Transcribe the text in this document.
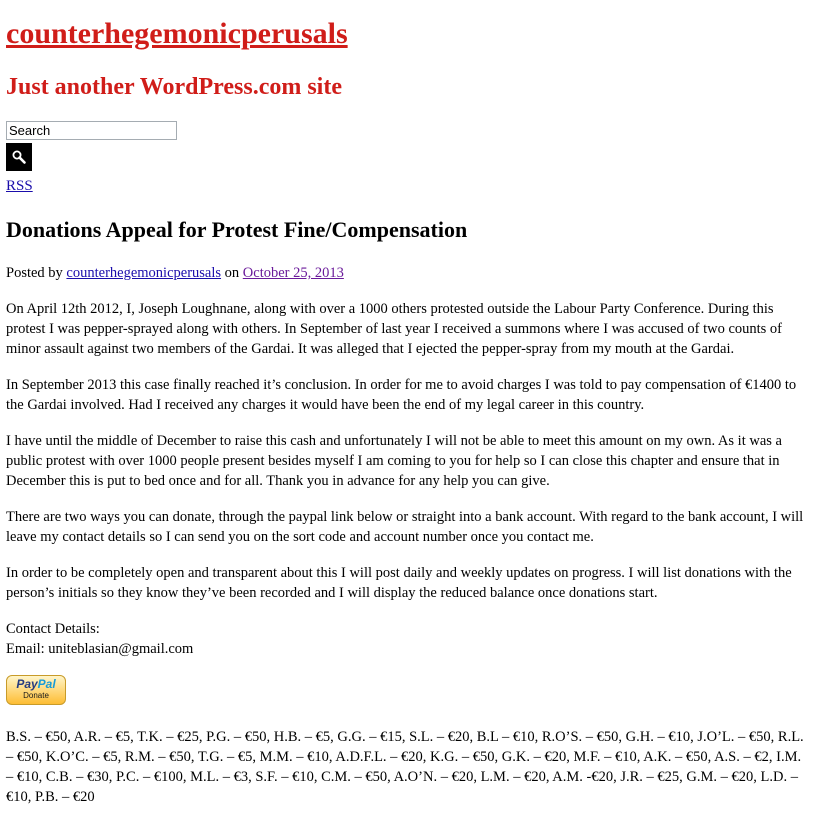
counterhegemonicperusals
Just another WordPress.com site
Search
RSS
Donations Appeal for Protest Fine/Compensation
Posted by counterhegemonicperusals on October 25, 2013

On April 12th 2012, I, Joseph Loughnane, along with over a 1000 others protested outside the Labour Party Conference. During this protest I was pepper-sprayed along with others. In September of last year I received a summons where I was accused of two counts of minor assault against two members of the Gardai. It was alleged that I ejected the pepper-spray from my mouth at the Gardai.

In September 2013 this case finally reached it’s conclusion. In order for me to avoid charges I was told to pay compensation of €1400 to the Gardai involved. Had I received any charges it would have been the end of my legal career in this country.

I have until the middle of December to raise this cash and unfortunately I will not be able to meet this amount on my own. As it was a public protest with over 1000 people present besides myself I am coming to you for help so I can close this chapter and ensure that in December this is put to bed once and for all. Thank you in advance for any help you can give.

There are two ways you can donate, through the paypal link below or straight into a bank account. With regard to the bank account, I will leave my contact details so I can send you on the sort code and account number once you contact me.

In order to be completely open and transparent about this I will post daily and weekly updates on progress. I will list donations with the person’s initials so they know they’ve been recorded and I will display the reduced balance once donations start.

Contact Details:
Email: uniteblasian@gmail.com

PayPal
Donate

B.S. – €50, A.R. – €5, T.K. – €25, P.G. – €50, H.B. – €5, G.G. – €15, S.L. – €20, B.L – €10, R.O’S. – €50, G.H. – €10, J.O’L. – €50, R.L. – €50, K.O’C. – €5, R.M. – €50, T.G. – €5, M.M. – €10, A.D.F.L. – €20, K.G. – €50, G.K. – €20, M.F. – €10, A.K. – €50, A.S. – €2, I.M. – €10, C.B. – €30, P.C. – €100, M.L. – €3, S.F. – €10, C.M. – €50, A.O’N. – €20, L.M. – €20, A.M. -€20, J.R. – €25, G.M. – €20, L.D. – €10, P.B. – €20
